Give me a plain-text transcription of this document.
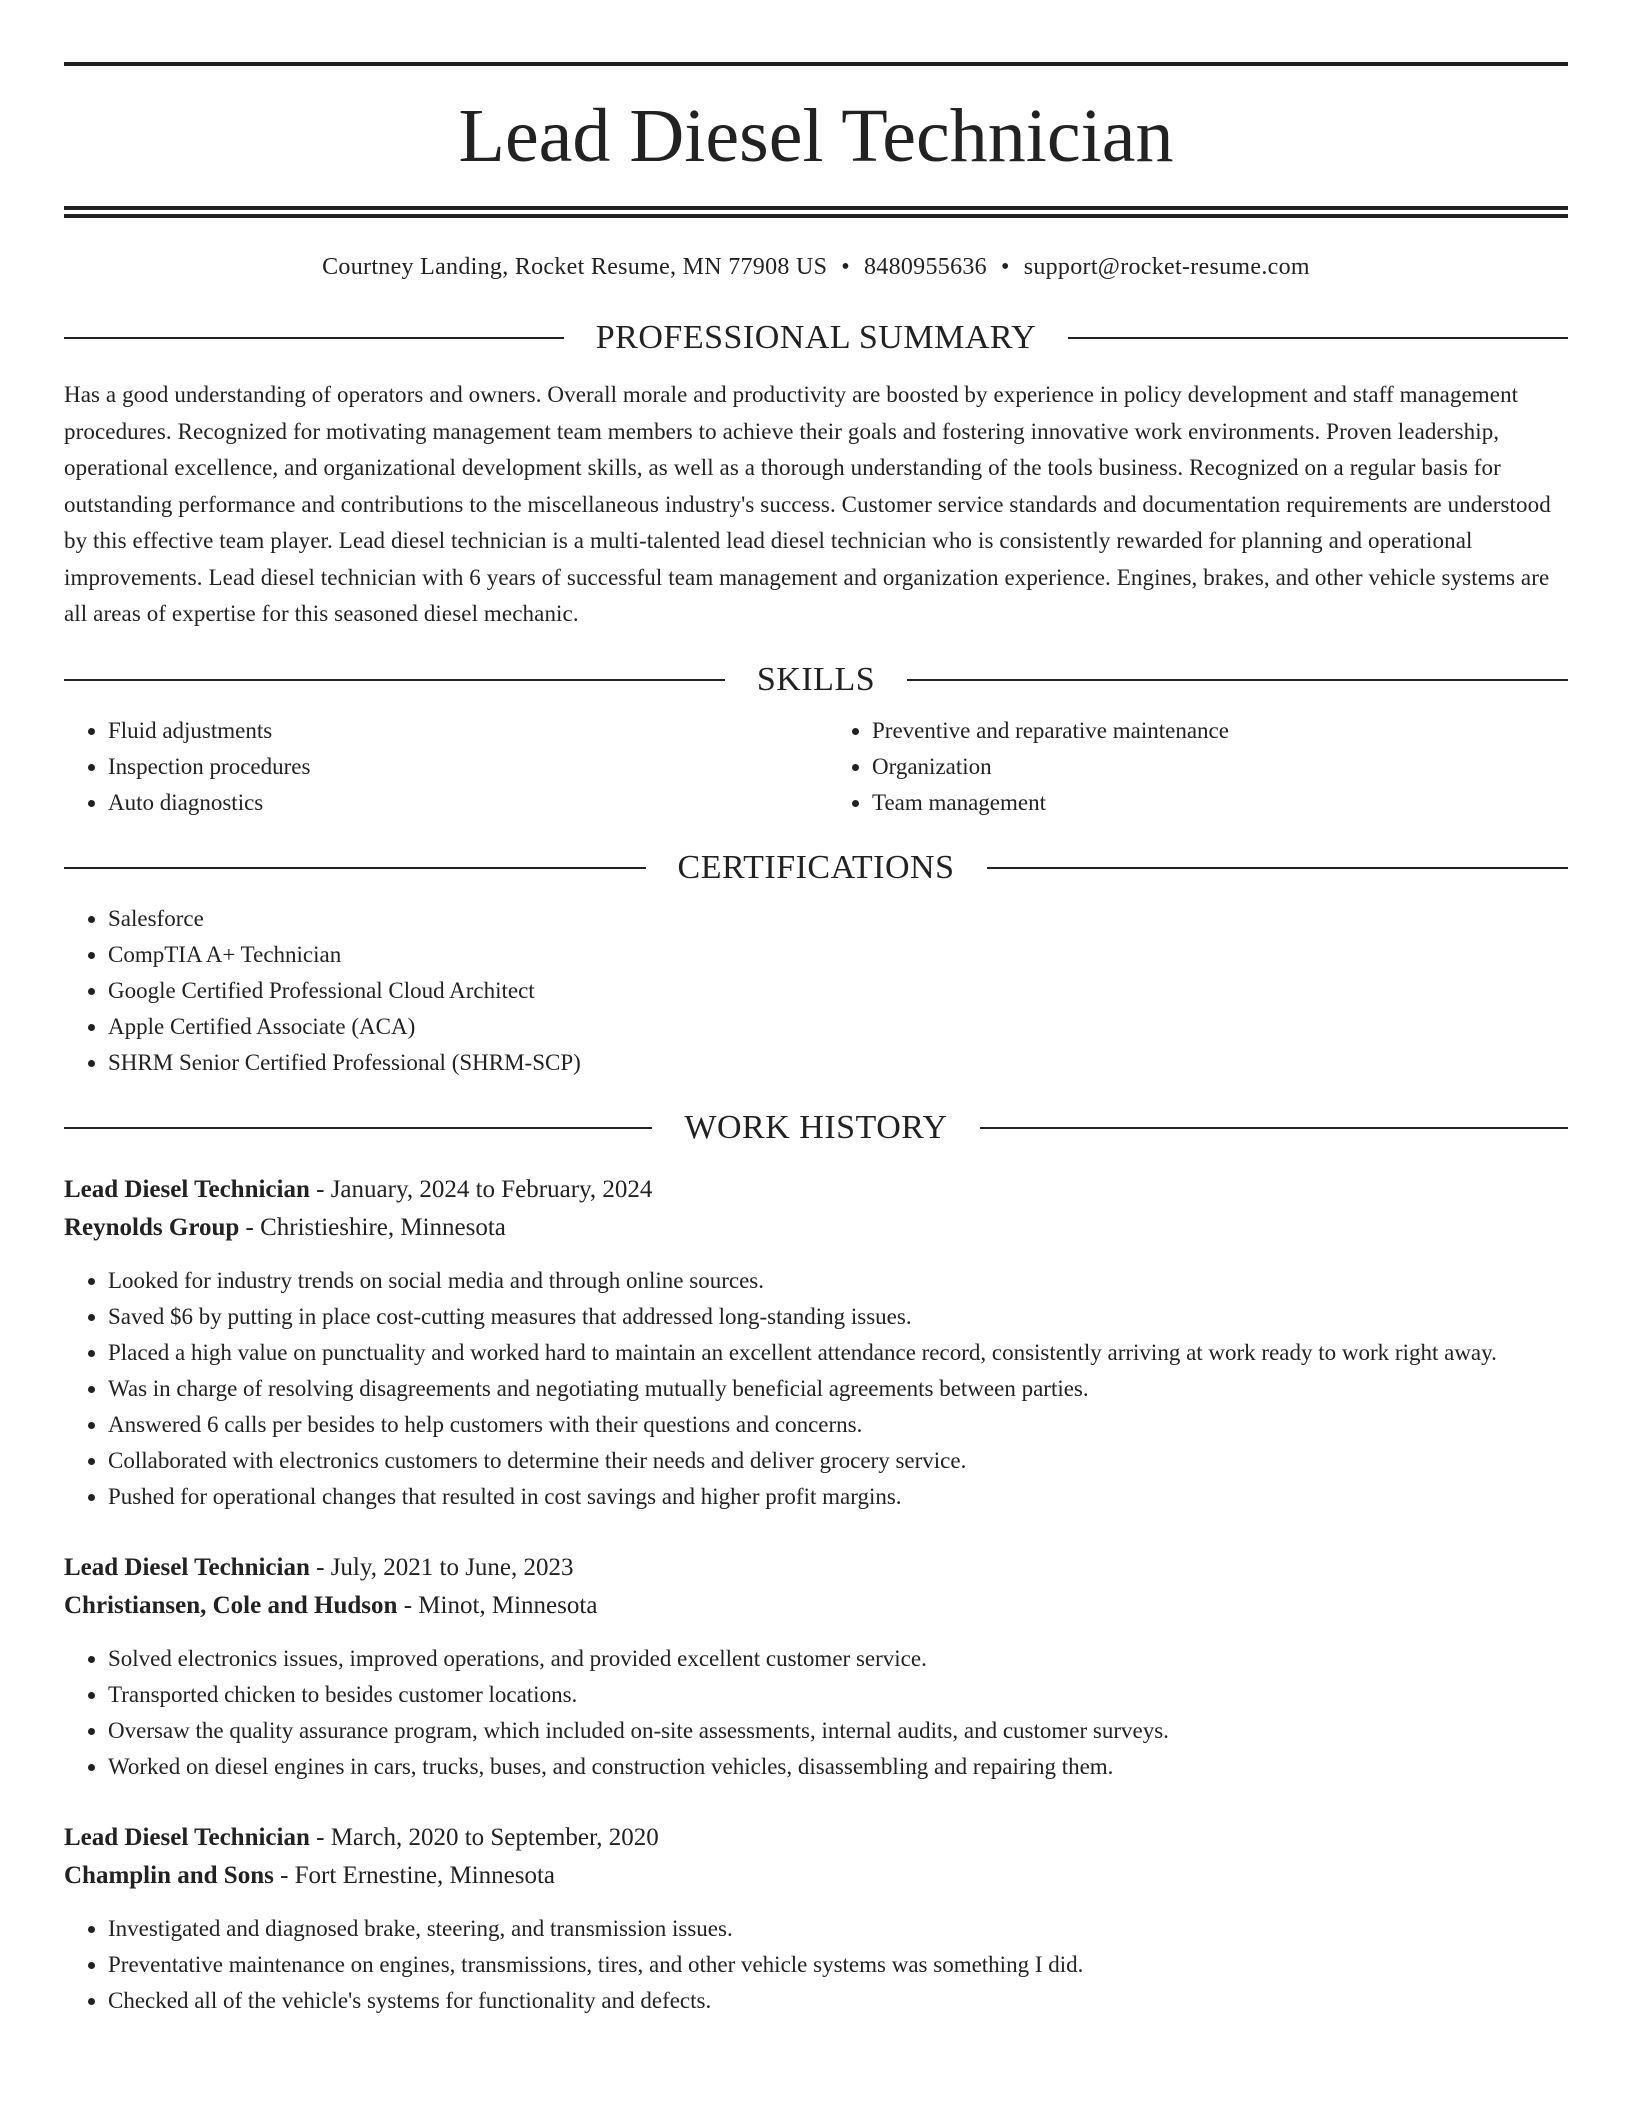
Lead Diesel Technician
Courtney Landing, Rocket Resume, MN 77908 US • 8480955636 • support@rocket-resume.com
PROFESSIONAL SUMMARY

Has a good understanding of operators and owners. Overall morale and productivity are boosted by experience in policy development and staff management procedures. Recognized for motivating management team members to achieve their goals and fostering innovative work environments. Proven leadership, operational excellence, and organizational development skills, as well as a thorough understanding of the tools business. Recognized on a regular basis for outstanding performance and contributions to the miscellaneous industry's success. Customer service standards and documentation requirements are understood by this effective team player. Lead diesel technician is a multi-talented lead diesel technician who is consistently rewarded for planning and operational improvements. Lead diesel technician with 6 years of successful team management and organization experience. Engines, brakes, and other vehicle systems are all areas of expertise for this seasoned diesel mechanic.

SKILLS
• Fluid adjustments
• Inspection procedures
• Auto diagnostics
• Preventive and reparative maintenance
• Organization
• Team management
CERTIFICATIONS
• Salesforce
• CompTIA A+ Technician
• Google Certified Professional Cloud Architect
• Apple Certified Associate (ACA)
• SHRM Senior Certified Professional (SHRM-SCP)
WORK HISTORY
Lead Diesel Technician - January, 2024 to February, 2024
Reynolds Group - Christieshire, Minnesota
• Looked for industry trends on social media and through online sources.
• Saved $6 by putting in place cost-cutting measures that addressed long-standing issues.
• Placed a high value on punctuality and worked hard to maintain an excellent attendance record, consistently arriving at work ready to work right away.
• Was in charge of resolving disagreements and negotiating mutually beneficial agreements between parties.
• Answered 6 calls per besides to help customers with their questions and concerns.
• Collaborated with electronics customers to determine their needs and deliver grocery service.
• Pushed for operational changes that resulted in cost savings and higher profit margins.
Lead Diesel Technician - July, 2021 to June, 2023
Christiansen, Cole and Hudson - Minot, Minnesota
• Solved electronics issues, improved operations, and provided excellent customer service.
• Transported chicken to besides customer locations.
• Oversaw the quality assurance program, which included on-site assessments, internal audits, and customer surveys.
• Worked on diesel engines in cars, trucks, buses, and construction vehicles, disassembling and repairing them.
Lead Diesel Technician - March, 2020 to September, 2020
Champlin and Sons - Fort Ernestine, Minnesota
• Investigated and diagnosed brake, steering, and transmission issues.
• Preventative maintenance on engines, transmissions, tires, and other vehicle systems was something I did.
• Checked all of the vehicle's systems for functionality and defects.
